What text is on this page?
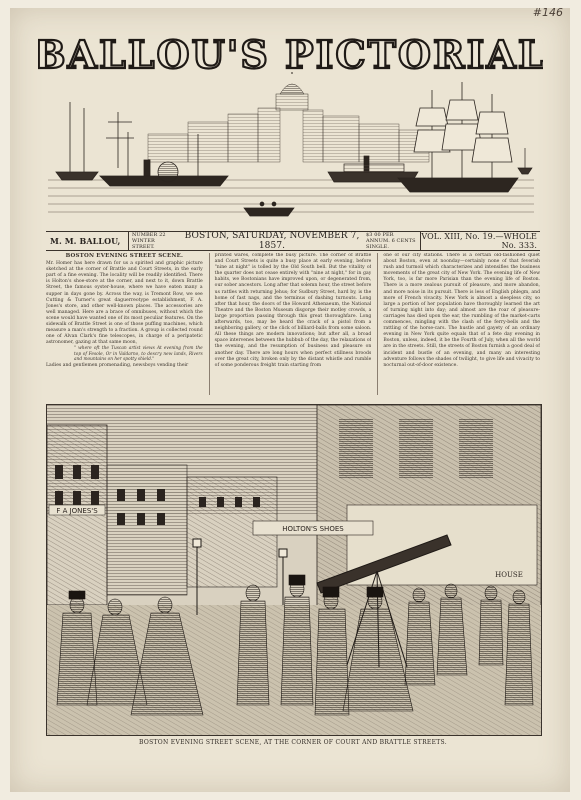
#146
BALLOU'S PICTORIAL
M. M. BALLOU,
NUMBER 22 WINTER STREET.
BOSTON, SATURDAY, NOVEMBER 7, 1857.
$3 00 PER ANNUM. 6 CENTS SINGLE.
VOL. XIII, No. 19.—WHOLE No. 333.
BOSTON EVENING STREET SCENE.
Mr. Homer has here drawn for us a spirited and graphic picture sketched at the corner of Brattle and Court Streets, in the early part of a fine evening. The locality will be readily identified. There is Holton's shoe-store at the corner, and next to it, down Brattle Street, the famous oyster-house, where we have eaten many a supper in days gone by. Across the way, is Tremont Row, we see Cutting & Turner's great daguerreotype establishment, F. A. Jones's store, and other well-known places. The accessories are well managed. Here are a brace of omnibuses, without which the scene would have wanted one of its most peculiar features. On the sidewalk of Brattle Street is one of those puffing machines, which measure a man's strength to a fraction. A group is collected round one of Alvan Clark's fine telescopes, in charge of a peripatetic astronomer, gazing at that same moon,
" where oft the Tuscan artist views At evening from the top of Fesole, Or in Valdarno, to descry new lands, Rivers and mountains on her spotty shield."
Ladies and gentlemen promenading, newsboys vending their
printed wares, complete the busy picture. The corner of Brattle and Court Streets is quite a busy place at early evening, before "nine at night" is tolled by the Old South bell. But the vitality of the quarter does not cease entirely with "nine at night," for in gay habits, we Bostonians have improved upon, or degenerated from, our sober ancestors. Long after that solemn hour, the street before us rattles with returning Jehus; for Sudbury Street, hard by, is the home of fast nags, and the terminus of dashing turnouts. Long after that hour, the doors of the Howard Athenaeum, the National Theatre and the Boston Museum disgorge their motley crowds, a large proportion passing through this great thoroughfare. Long afterwards, too, may be heard the crack of a pistol from a neighboring gallery, or the click of billiard-balls from some saloon. All these things are modern innovations; but after all, a broad space intervenes between the hubbub of the day, the relaxations of the evening, and the resumption of business and pleasure on another day. There are long hours when perfect stillness broods over the great city, broken only by the distant whistle and rumble of some ponderous freight train starting from
one of our city stations. There is a certain old-fashioned quiet about Boston, even at noonday—certainly none of that feverish rush and turmoil which characterizes and intensifies the business movements of the great city of New York. The evening life of New York, too, is far more Parisian than the evening life of Boston. There is a more zealous pursuit of pleasure, and more abandon, and more noise in its pursuit. There is less of English phlegm, and more of French vivacity. New York is almost a sleepless city, so large a portion of her population have thoroughly learned the art of turning night into day; and almost are the roar of pleasure-carriages has died upon the ear, the rumbling of the market-carts commences, mingling with the clash of the ferry-bells and the rattling of the horse-cars. The hustle and gayety of an ordinary evening in New York quite equals that of a fete day evening in Boston, unless, indeed, it be the Fourth of July, when all the world are in the streets. Still, the streets of Boston furnish a good deal of incident and bustle of an evening, and many an interesting adventure follows the shades of twilight, to give life and vivacity to nocturnal out-of-door existence.
F A JONES'S
HOUSE
HOLTON'S SHOES
BOSTON EVENING STREET SCENE, AT THE CORNER OF COURT AND BRATTLE STREETS.
